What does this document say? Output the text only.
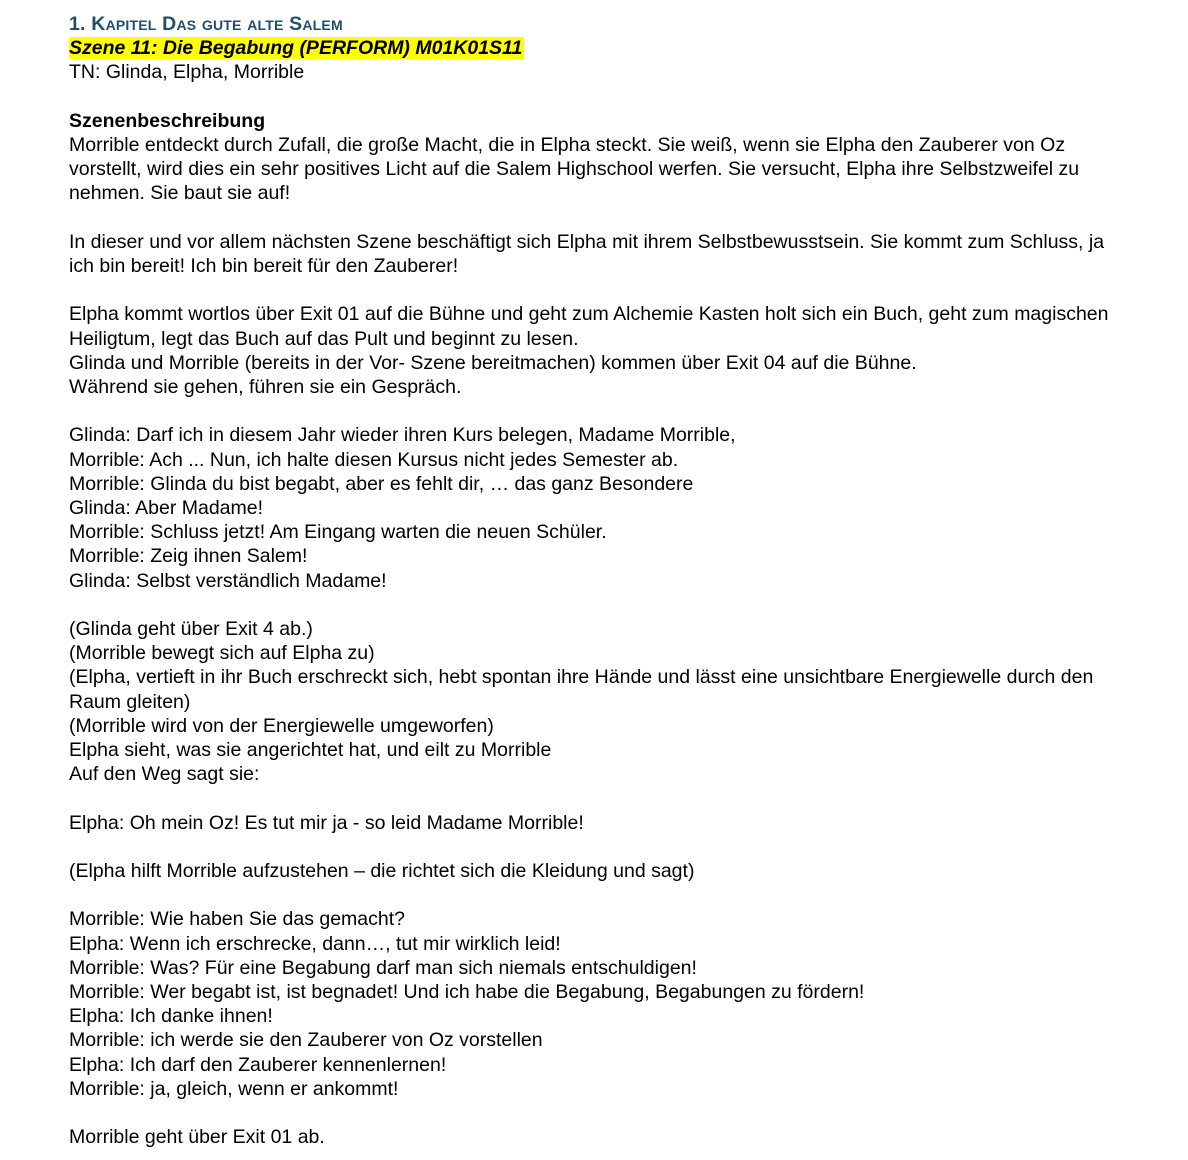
1. Kapitel Das gute alte Salem
Szene 11: Die Begabung (PERFORM) M01K01S11
TN: Glinda, Elpha, Morrible
Szenenbeschreibung
Morrible entdeckt durch Zufall, die große Macht, die in Elpha steckt. Sie weiß, wenn sie Elpha den Zauberer von Oz vorstellt, wird dies ein sehr positives Licht auf die Salem Highschool werfen. Sie versucht, Elpha ihre Selbstzweifel zu nehmen. Sie baut sie auf!
In dieser und vor allem nächsten Szene beschäftigt sich Elpha mit ihrem Selbstbewusstsein. Sie kommt zum Schluss, ja ich bin bereit! Ich bin bereit für den Zauberer!
Elpha kommt wortlos über Exit 01 auf die Bühne und geht zum Alchemie Kasten holt sich ein Buch, geht zum magischen Heiligtum, legt das Buch auf das Pult und beginnt zu lesen.
Glinda und Morrible (bereits in der Vor- Szene bereitmachen) kommen über Exit 04 auf die Bühne.
Während sie gehen, führen sie ein Gespräch.
Glinda: Darf ich in diesem Jahr wieder ihren Kurs belegen, Madame Morrible,
Morrible: Ach ... Nun, ich halte diesen Kursus nicht jedes Semester ab.
Morrible: Glinda du bist begabt, aber es fehlt dir, … das ganz Besondere
Glinda: Aber Madame!
Morrible: Schluss jetzt! Am Eingang warten die neuen Schüler.
Morrible: Zeig ihnen Salem!
Glinda: Selbst verständlich Madame!
(Glinda geht über Exit 4 ab.)
(Morrible bewegt sich auf Elpha zu)
(Elpha, vertieft in ihr Buch erschreckt sich, hebt spontan ihre Hände und lässt eine unsichtbare Energiewelle durch den Raum gleiten)
(Morrible wird von der Energiewelle umgeworfen)
Elpha sieht, was sie angerichtet hat, und eilt zu Morrible
Auf den Weg sagt sie:
Elpha: Oh mein Oz! Es tut mir ja - so leid Madame Morrible!
(Elpha hilft Morrible aufzustehen – die richtet sich die Kleidung und sagt)
Morrible: Wie haben Sie das gemacht?
Elpha: Wenn ich erschrecke, dann…, tut mir wirklich leid!
Morrible: Was? Für eine Begabung darf man sich niemals entschuldigen!
Morrible: Wer begabt ist, ist begnadet! Und ich habe die Begabung, Begabungen zu fördern!
Elpha: Ich danke ihnen!
Morrible: ich werde sie den Zauberer von Oz vorstellen
Elpha: Ich darf den Zauberer kennenlernen!
Morrible: ja, gleich, wenn er ankommt!
Morrible geht über Exit 01 ab.
